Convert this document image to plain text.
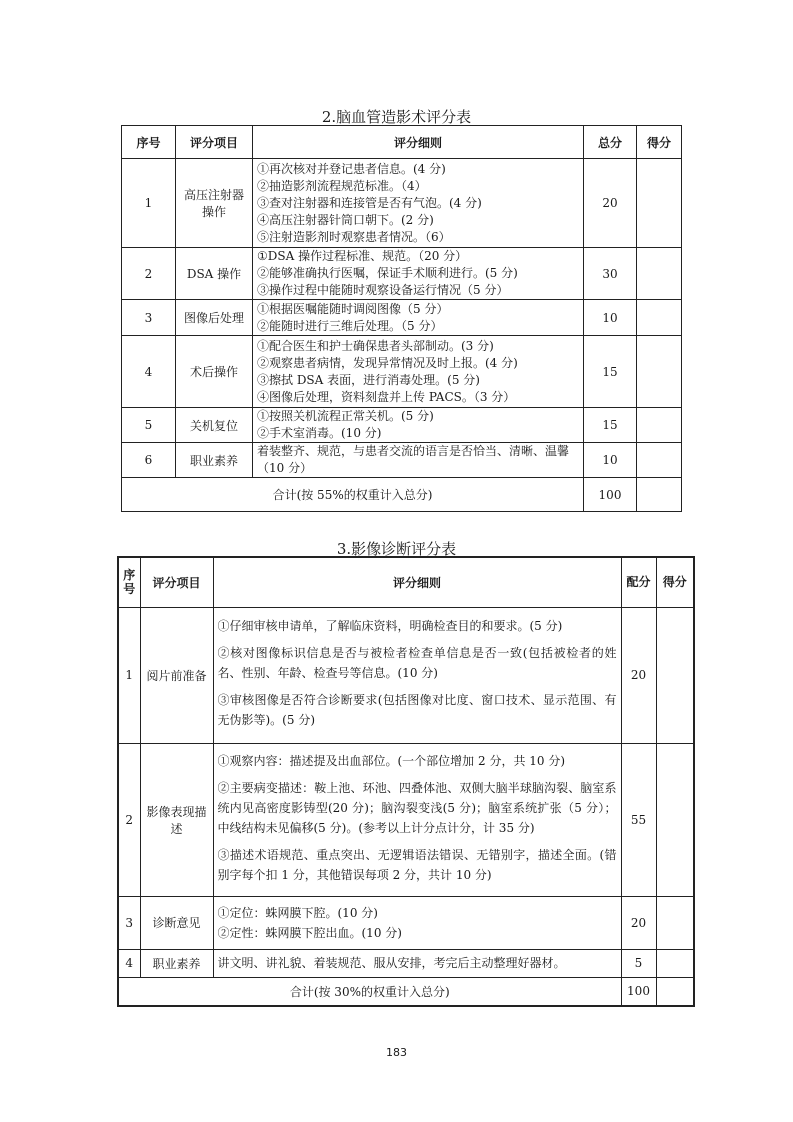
2.脑血管造影术评分表
序号	评分项目	评分细则	总分	得分
1	高压注射器操作	①再次核对并登记患者信息。(4 分)
②抽造影剂流程规范标准。（4）
③查对注射器和连接管是否有气泡。(4 分)
④高压注射器针筒口朝下。(2 分)
⑤注射造影剂时观察患者情况。（6）	20	
2	DSA 操作	①DSA 操作过程标准、规范。（20 分）
②能够准确执行医嘱，保证手术顺利进行。(5 分)
③操作过程中能随时观察设备运行情况（5 分）	30	
3	图像后处理	①根据医嘱能随时调阅图像（5 分）
②能随时进行三维后处理。（5 分）	10	
4	术后操作	①配合医生和护士确保患者头部制动。(3 分)
②观察患者病情，发现异常情况及时上报。(4 分)
③擦拭 DSA 表面，进行消毒处理。(5 分)
④图像后处理，资料刻盘并上传 PACS。（3 分）	15	
5	关机复位	①按照关机流程正常关机。(5 分)
②手术室消毒。(10 分)	15	
6	职业素养	着装整齐、规范，与患者交流的语言是否恰当、清晰、温馨（10 分）	10	
合计(按 55%的权重计入总分)			100	
3.影像诊断评分表
序号	评分项目	评分细则	配分	得分
1	阅片前准备	①仔细审核申请单，了解临床资料，明确检查目的和要求。(5 分)

②核对图像标识信息是否与被检者检查单信息是否一致(包括被检者的姓名、性别、年龄、检查号等信息。(10 分)

③审核图像是否符合诊断要求(包括图像对比度、窗口技术、显示范围、有无伪影等)。(5 分)	20	
2	影像表现描述	①观察内容：描述提及出血部位。(一个部位增加 2 分，共 10 分)

②主要病变描述：鞍上池、环池、四叠体池、双侧大脑半球脑沟裂、脑室系统内见高密度影铸型(20 分)；脑沟裂变浅(5 分)；脑室系统扩张（5 分）；中线结构未见偏移(5 分)。(参考以上计分点计分，计 35 分)

③描述术语规范、重点突出、无逻辑语法错误、无错别字，描述全面。(错别字每个扣 1 分，其他错误每项 2 分，共计 10 分)	55	
3	诊断意见	①定位：蛛网膜下腔。(10 分)

②定性：蛛网膜下腔出血。(10 分)	20	
4	职业素养	讲文明、讲礼貌、着装规范、服从安排，考完后主动整理好器材。	5	
合计(按 30%的权重计入总分)			100	
183
